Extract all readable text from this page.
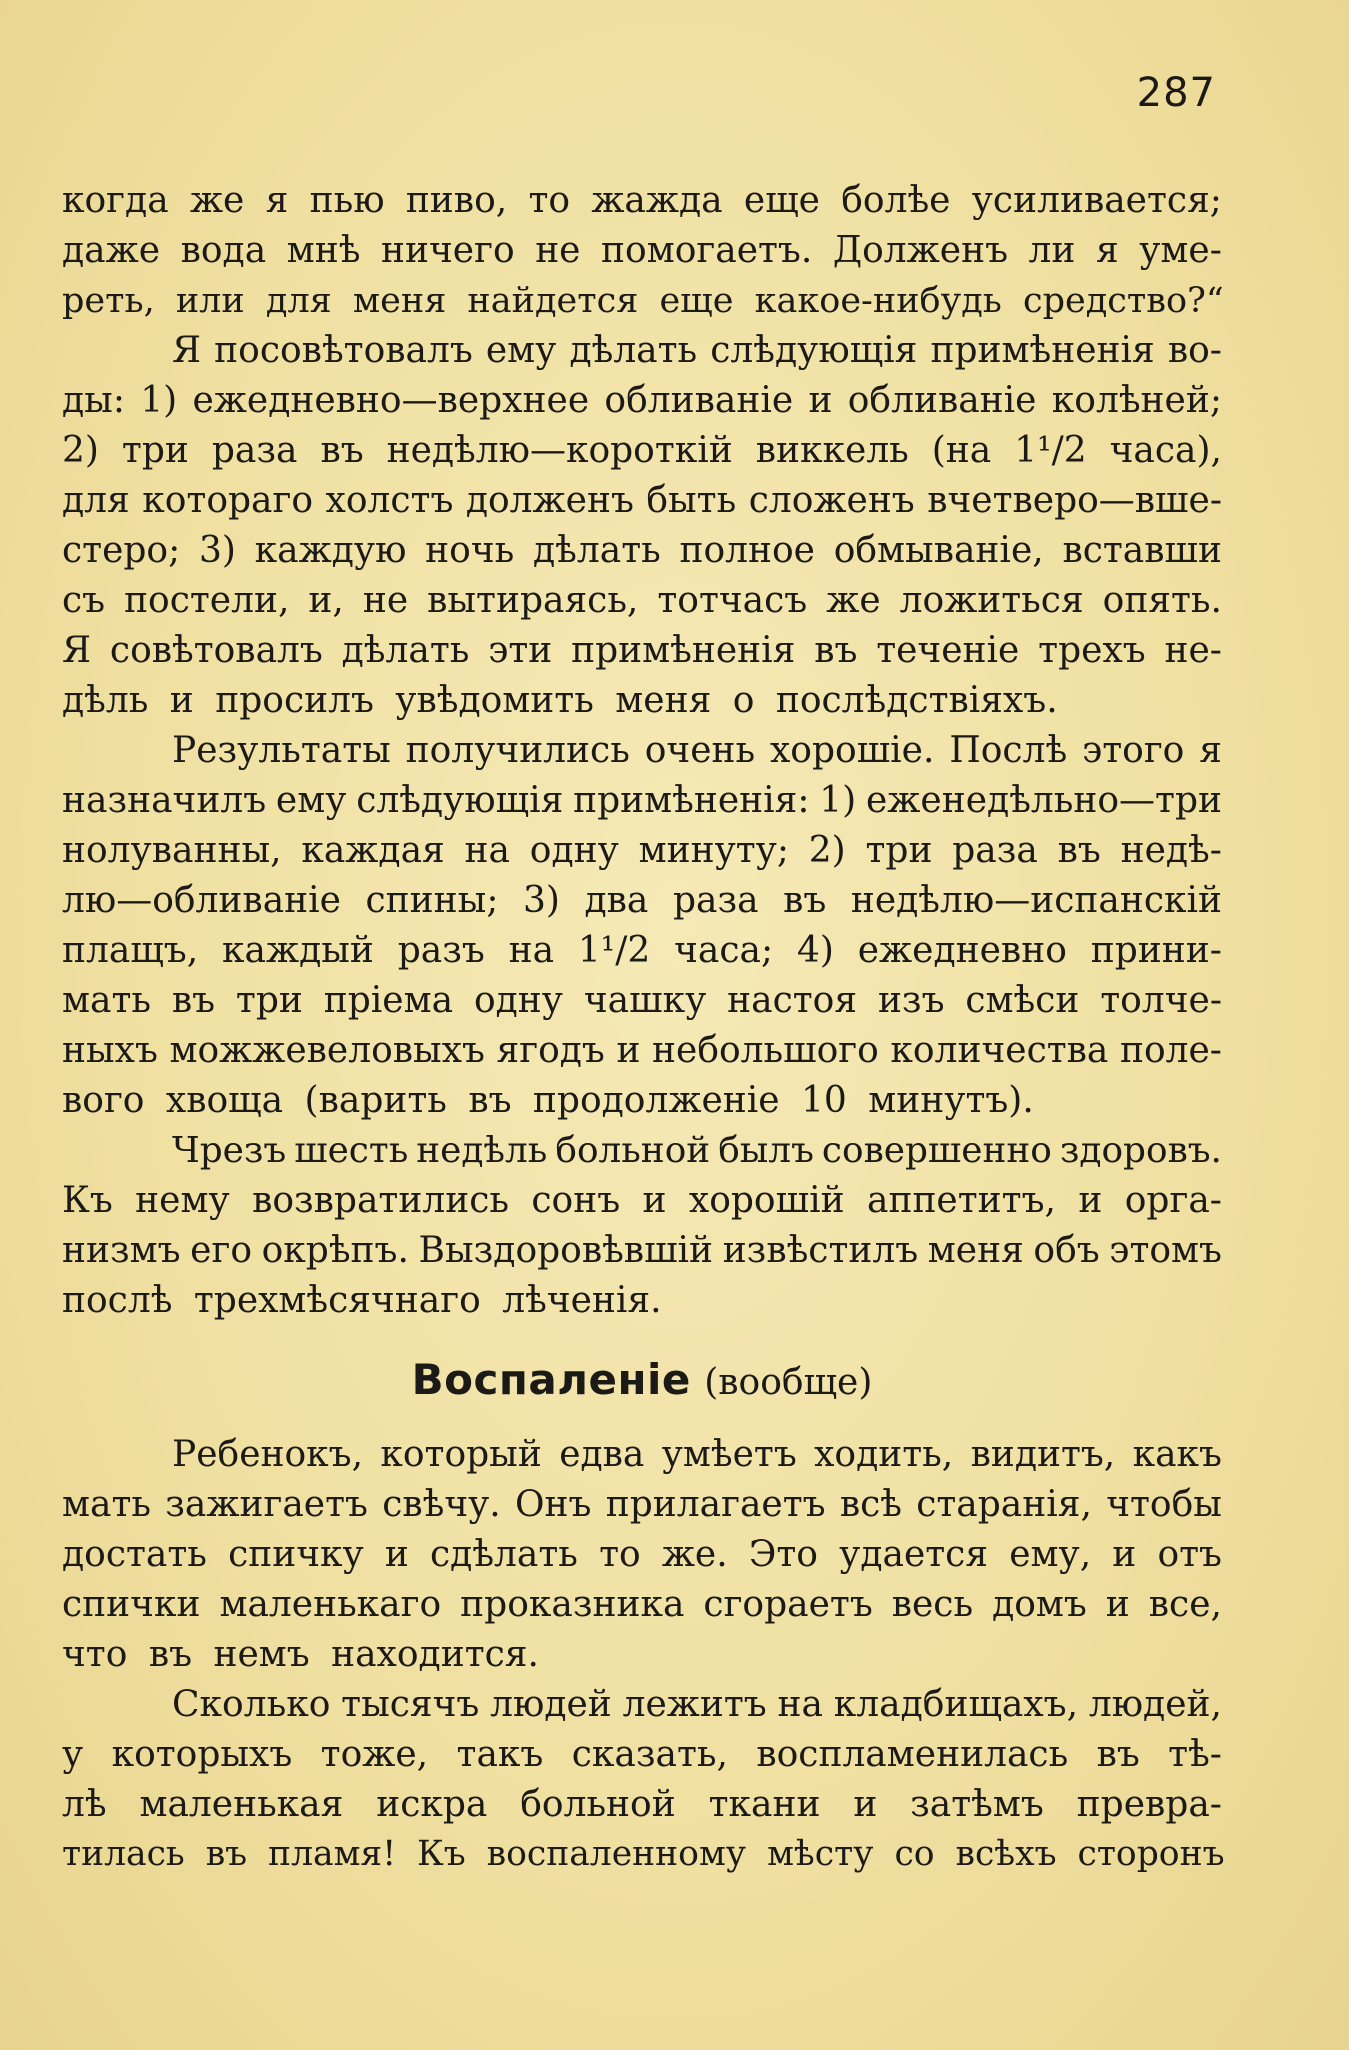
287
когда же я пью пиво, то жажда еще болѣе усиливается;
даже вода мнѣ ничего не помогаетъ. Долженъ ли я уме-
реть, или для меня найдется еще какое-нибудь средство?“
Я посовѣтовалъ ему дѣлать слѣдующія примѣненія во-
ды: 1) ежедневно—верхнее обливаніе и обливаніе колѣней;
2) три раза въ недѣлю—короткій виккель (на 1¹/2 часа),
для котораго холстъ долженъ быть сложенъ вчетверо—вше-
стеро; 3) каждую ночь дѣлать полное обмываніе, вставши
съ постели, и, не вытираясь, тотчасъ же ложиться опять.
Я совѣтовалъ дѣлать эти примѣненія въ теченіе трехъ не-
дѣль и просилъ увѣдомить меня о послѣдствіяхъ.
Результаты получились очень хорошіе. Послѣ этого я
назначилъ ему слѣдующія примѣненія: 1) еженедѣльно—три
нолуванны, каждая на одну минуту; 2) три раза въ недѣ-
лю—обливаніе спины; 3) два раза въ недѣлю—испанскій
плащъ, каждый разъ на 1¹/2 часа; 4) ежедневно прини-
мать въ три пріема одну чашку настоя изъ смѣси толче-
ныхъ можжевеловыхъ ягодъ и небольшого количества поле-
вого хвоща (варить въ продолженіе 10 минутъ).
Чрезъ шесть недѣль больной былъ совершенно здоровъ.
Къ нему возвратились сонъ и хорошій аппетитъ, и орга-
низмъ его окрѣпъ. Выздоровѣвшій извѣстилъ меня объ этомъ
послѣ трехмѣсячнаго лѣченія.
Воспаленіе (вообще)
Ребенокъ, который едва умѣетъ ходить, видитъ, какъ
мать зажигаетъ свѣчу. Онъ прилагаетъ всѣ старанія, чтобы
достать спичку и сдѣлать то же. Это удается ему, и отъ
спички маленькаго проказника сгораетъ весь домъ и все,
что въ немъ находится.
Сколько тысячъ людей лежитъ на кладбищахъ, людей,
у которыхъ тоже, такъ сказать, воспламенилась въ тѣ-
лѣ маленькая искра больной ткани и затѣмъ превра-
тилась въ пламя! Къ воспаленному мѣсту со всѣхъ сторонъ
